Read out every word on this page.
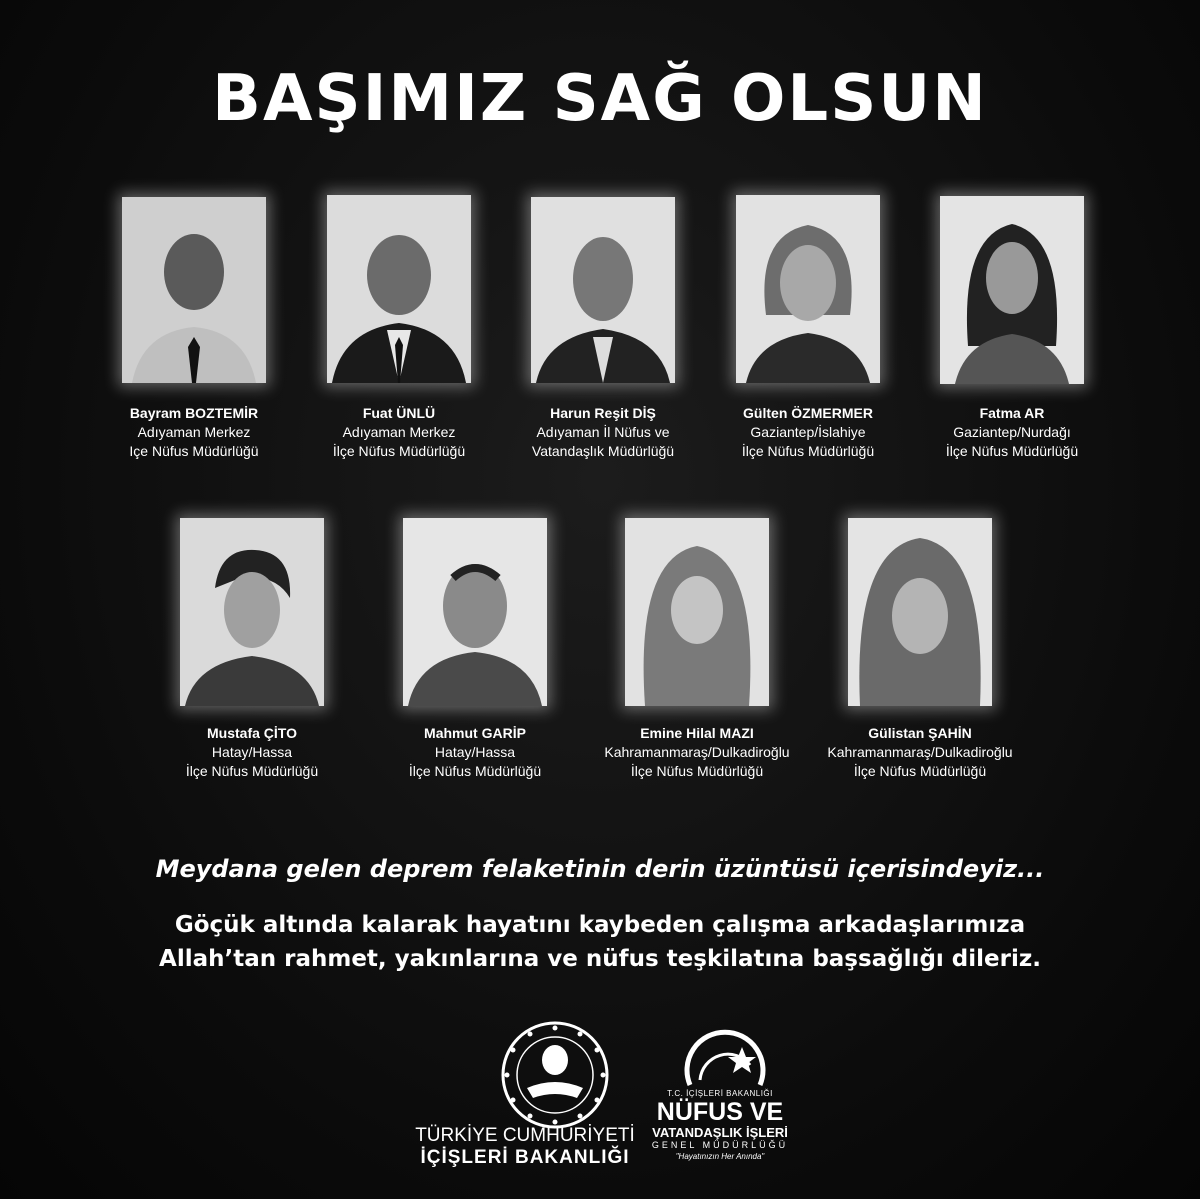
BAŞIMIZ SAĞ OLSUN
Bayram BOZTEMİR
Adıyaman Merkez
Içe Nüfus Müdürlüğü
Fuat ÜNLÜ
Adıyaman Merkez
İlçe Nüfus Müdürlüğü
Harun Reşit DİŞ
Adıyaman İl Nüfus ve
Vatandaşlık Müdürlüğü
Gülten ÖZMERMER
Gaziantep/İslahiye
İlçe Nüfus Müdürlüğü
Fatma AR
Gaziantep/Nurdağı
İlçe Nüfus Müdürlüğü
Mustafa ÇİTO
Hatay/Hassa
İlçe Nüfus Müdürlüğü
Mahmut GARİP
Hatay/Hassa
İlçe Nüfus Müdürlüğü
Emine Hilal MAZI
Kahramanmaraş/Dulkadiroğlu
İlçe Nüfus Müdürlüğü
Gülistan ŞAHİN
Kahramanmaraş/Dulkadiroğlu
İlçe Nüfus Müdürlüğü
Meydana gelen deprem felaketinin derin üzüntüsü içerisindeyiz...
Göçük altında kalarak hayatını kaybeden çalışma arkadaşlarımıza
Allah’tan rahmet, yakınlarına ve nüfus teşkilatına başsağlığı dileriz.
TÜRKİYE CUMHURİYETİ
İÇİŞLERİ BAKANLIĞI
T.C. İÇİŞLERİ BAKANLIĞI
NÜFUS VE
VATANDAŞLIK İŞLERİ
GENEL MÜDÜRLÜĞÜ
"Hayatınızın Her Anında"
